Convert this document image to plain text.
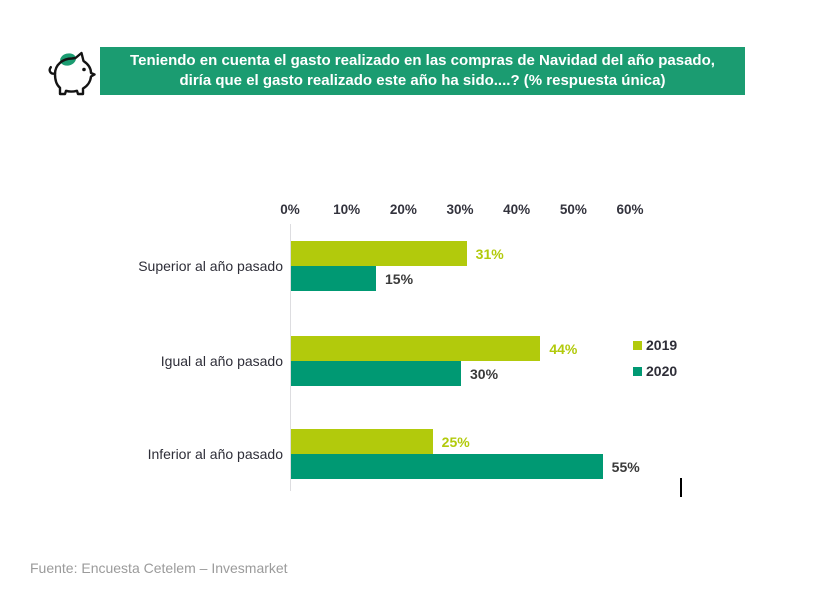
Teniendo en cuenta el gasto realizado en las compras de Navidad del año pasado, diría que el gasto realizado este año ha sido....? (% respuesta única)
0% 10% 20% 30% 40% 50% 60%
Superior al año pasado
31%
15%
Igual al año pasado
44%
30%
Inferior al año pasado
25%
55%
2019
2020
Fuente: Encuesta Cetelem – Invesmarket
